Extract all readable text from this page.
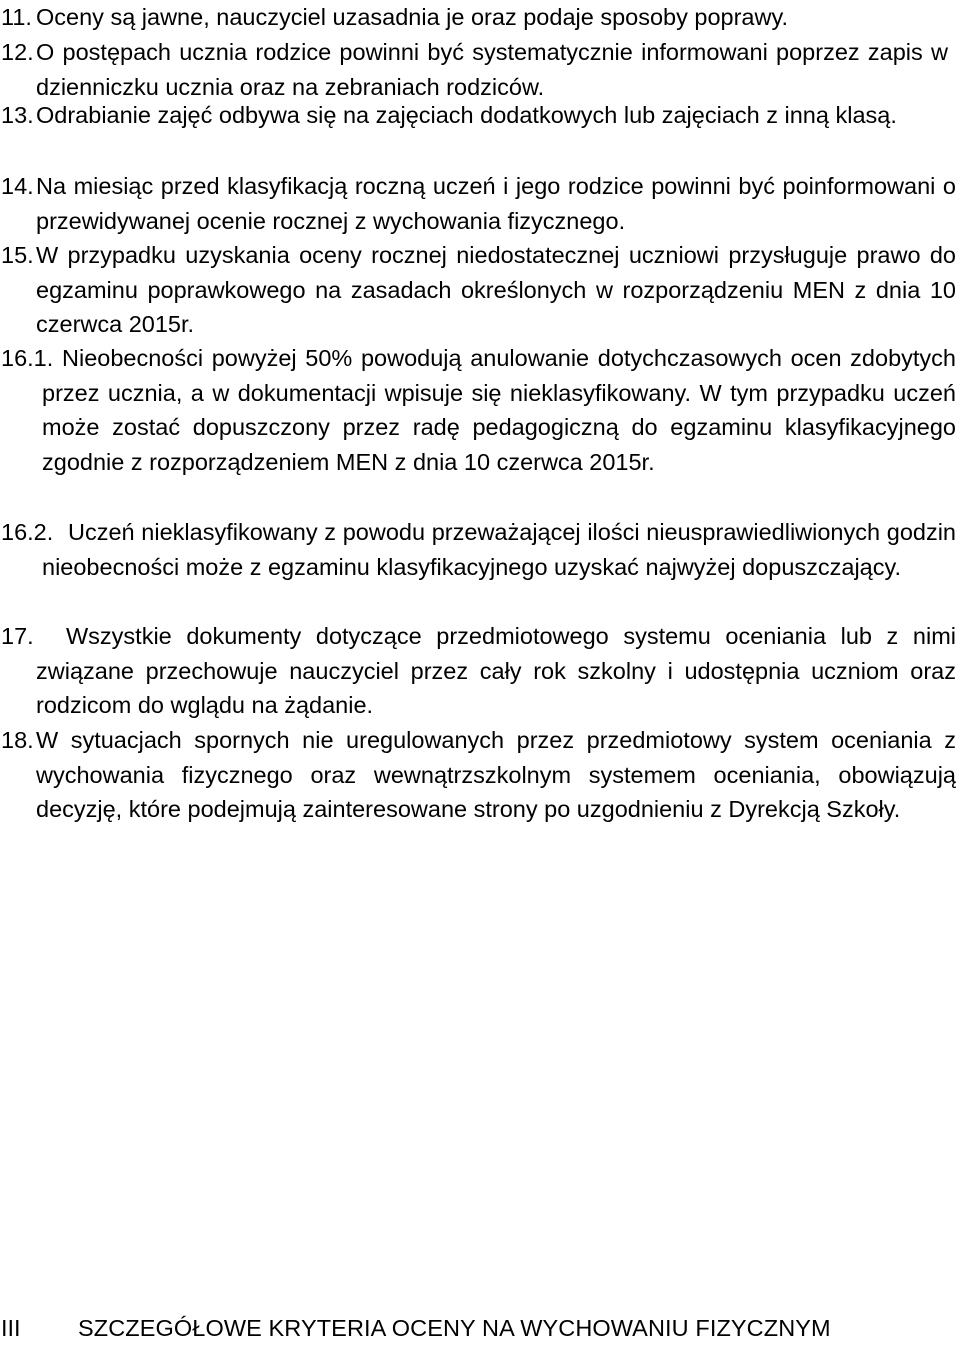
11. Oceny są jawne, nauczyciel uzasadnia je oraz podaje sposoby poprawy.
12. O postępach ucznia rodzice powinni być systematycznie informowani poprzez zapis w dzienniczku ucznia oraz na zebraniach rodziców.
13. Odrabianie zajęć odbywa się na zajęciach dodatkowych lub zajęciach z inną klasą.
14. Na miesiąc przed klasyfikacją roczną uczeń i jego rodzice powinni być poinformowani o przewidywanej ocenie rocznej z wychowania fizycznego.
15. W przypadku uzyskania oceny rocznej niedostatecznej uczniowi przysługuje prawo do egzaminu poprawkowego na zasadach określonych w rozporządzeniu MEN z dnia 10 czerwca 2015r.
16.1. Nieobecności powyżej 50% powodują anulowanie dotychczasowych ocen zdobytych przez ucznia, a w dokumentacji wpisuje się nieklasyfikowany. W tym przypadku uczeń może zostać dopuszczony przez radę pedagogiczną do egzaminu klasyfikacyjnego zgodnie z rozporządzeniem MEN z dnia 10 czerwca 2015r.
16.2. Uczeń nieklasyfikowany z powodu przeważającej ilości nieusprawiedliwionych godzin nieobecności może z egzaminu klasyfikacyjnego uzyskać najwyżej dopuszczający.
17.	Wszystkie dokumenty dotyczące przedmiotowego systemu oceniania lub z nimi związane przechowuje nauczyciel przez cały rok szkolny i udostępnia uczniom oraz rodzicom do wglądu na żądanie.
18. W sytuacjach spornych nie uregulowanych przez przedmiotowy system oceniania z wychowania fizycznego oraz wewnątrzszkolnym systemem oceniania, obowiązują decyzję, które podejmują zainteresowane strony po uzgodnieniu z Dyrekcją Szkoły.
III SZCZEGÓŁOWE KRYTERIA OCENY NA WYCHOWANIU FIZYCZNYM
